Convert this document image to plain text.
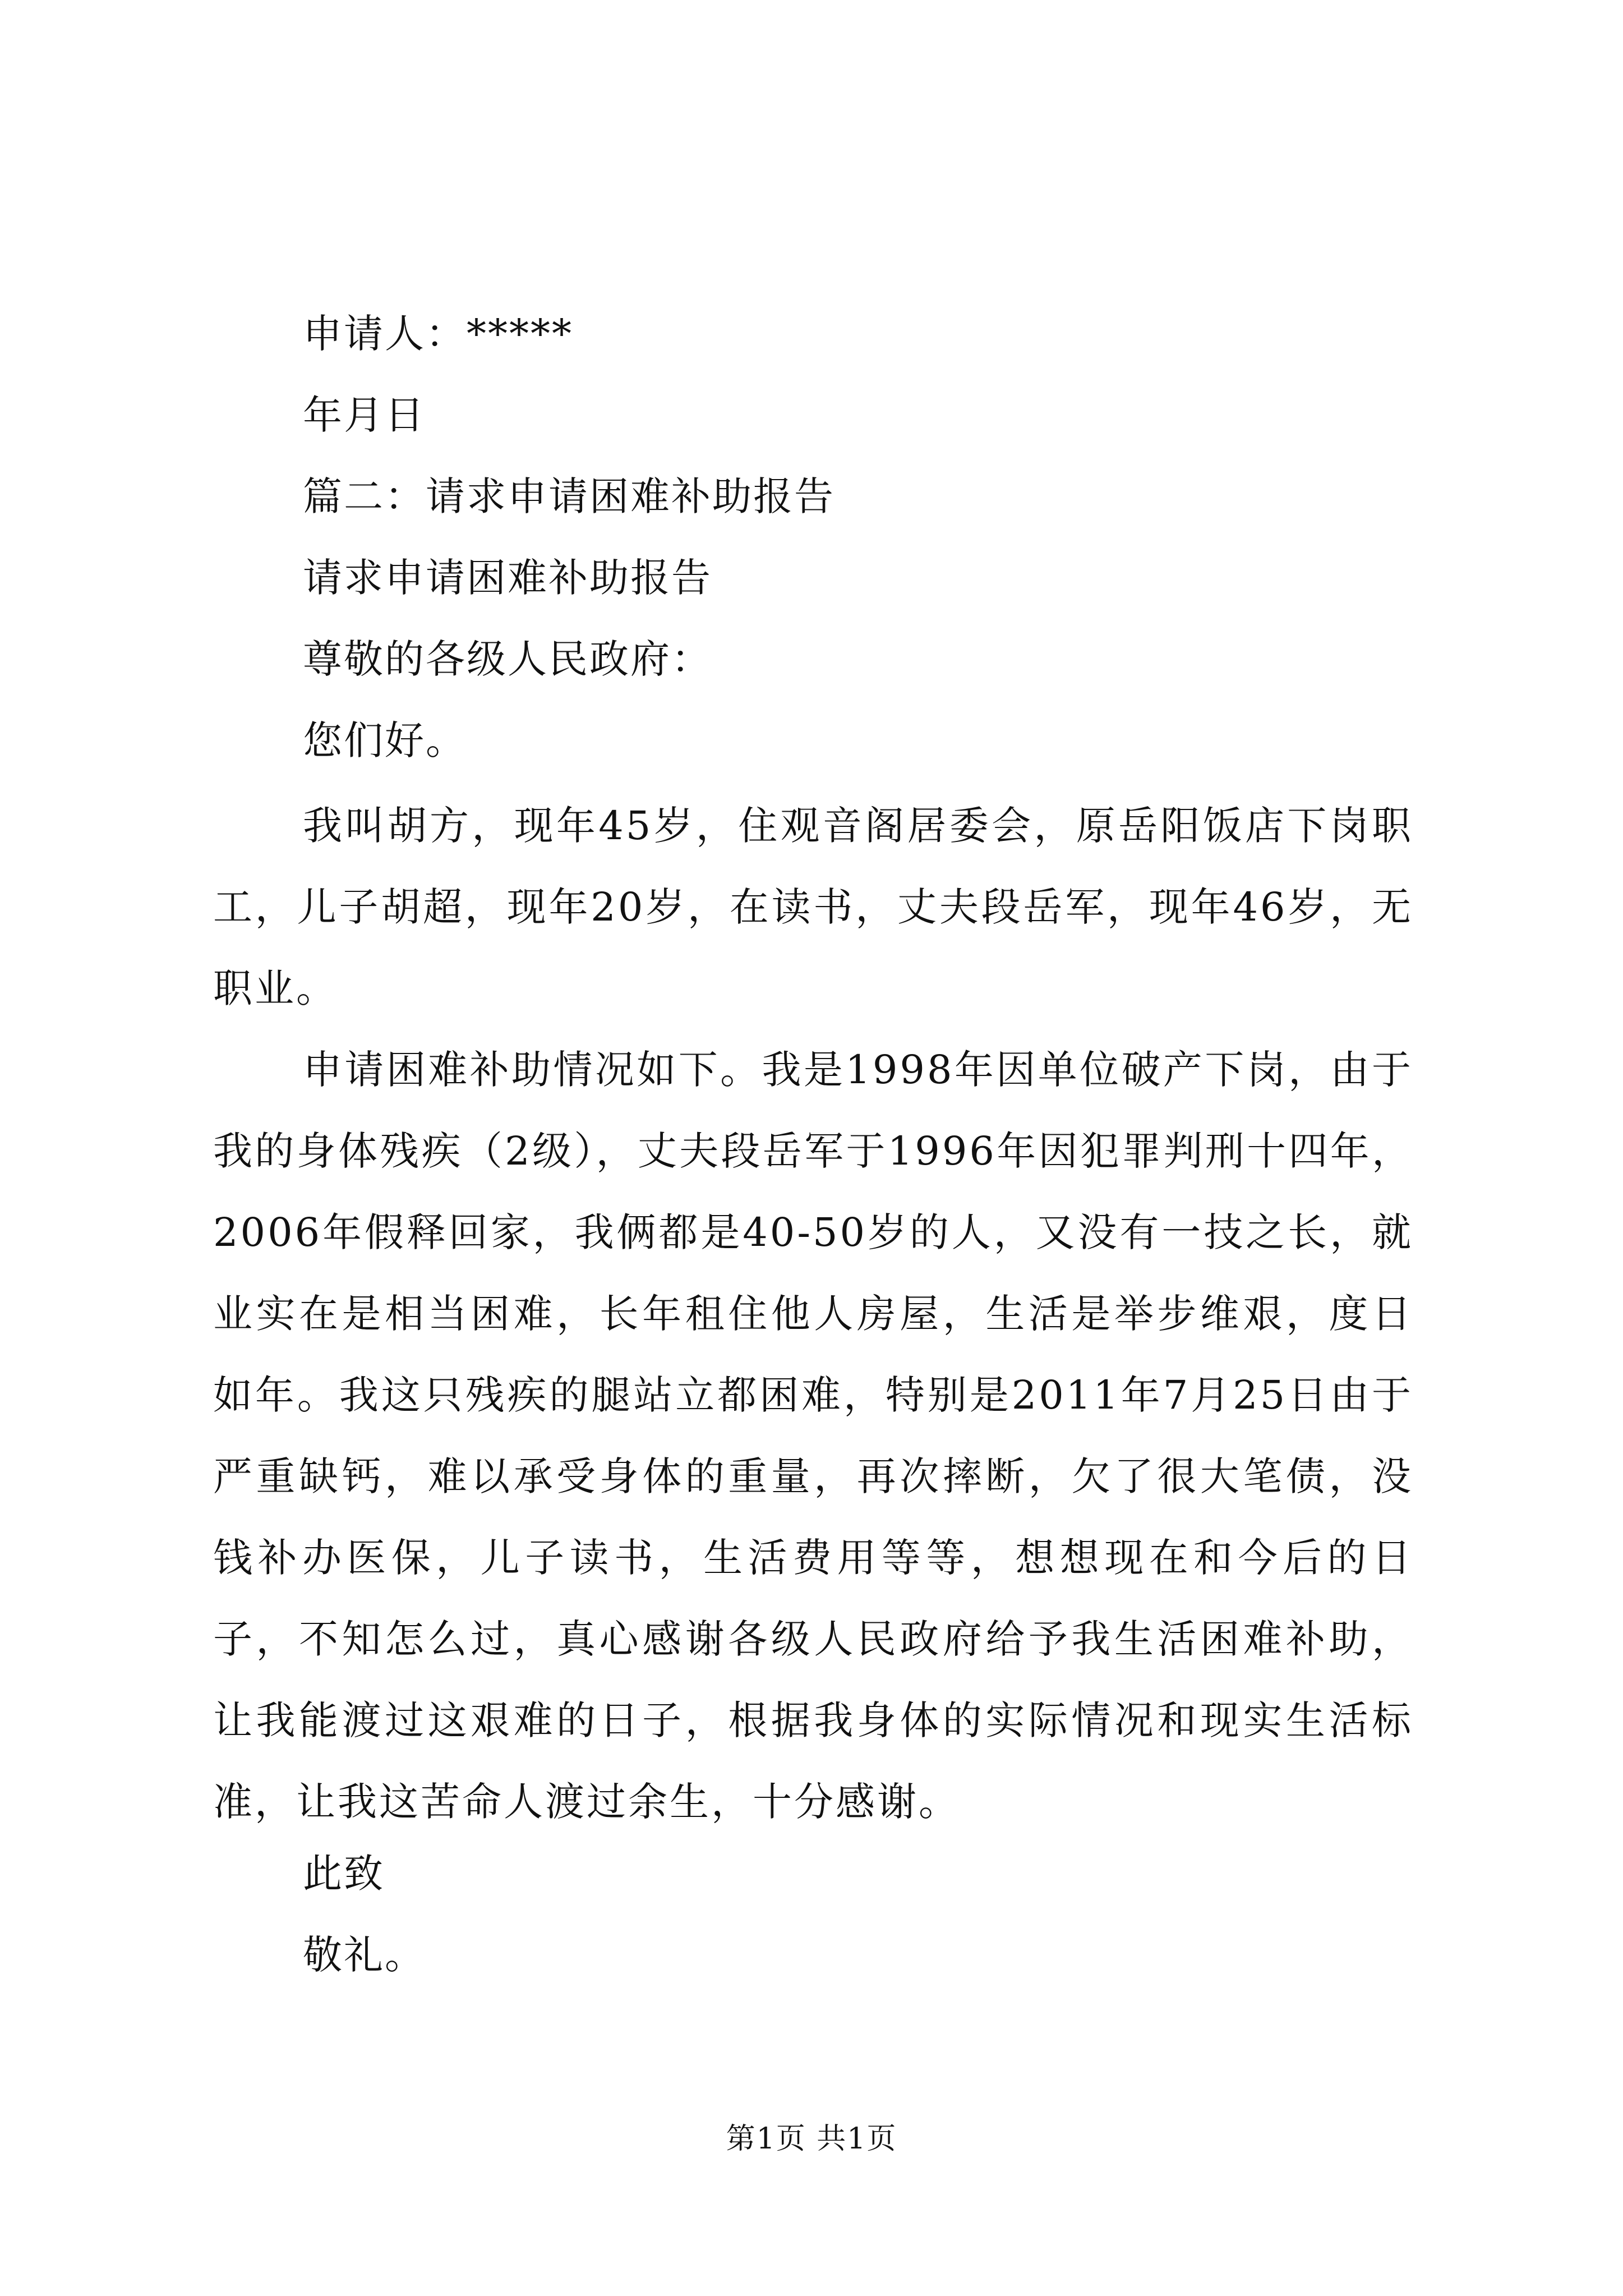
申请人：*****
年月日
篇二：请求申请困难补助报告
请求申请困难补助报告
尊敬的各级人民政府：
您们好。
我叫胡方，现年45岁，住观音阁居委会，原岳阳饭店下岗职工，儿子胡超，现年20岁，在读书，丈夫段岳军，现年46岁，无职业。
申请困难补助情况如下。我是1998年因单位破产下岗，由于我的身体残疾（2级），丈夫段岳军于1996年因犯罪判刑十四年，2006年假释回家，我俩都是40-50岁的人，又没有一技之长，就业实在是相当困难，长年租住他人房屋，生活是举步维艰，度日如年。我这只残疾的腿站立都困难，特别是2011年7月25日由于严重缺钙，难以承受身体的重量，再次摔断，欠了很大笔债，没钱补办医保，儿子读书，生活费用等等，想想现在和今后的日子，不知怎么过，真心感谢各级人民政府给予我生活困难补助，让我能渡过这艰难的日子，根据我身体的实际情况和现实生活标准，让我这苦命人渡过余生，十分感谢。
此致
敬礼。
第1页 共1页
